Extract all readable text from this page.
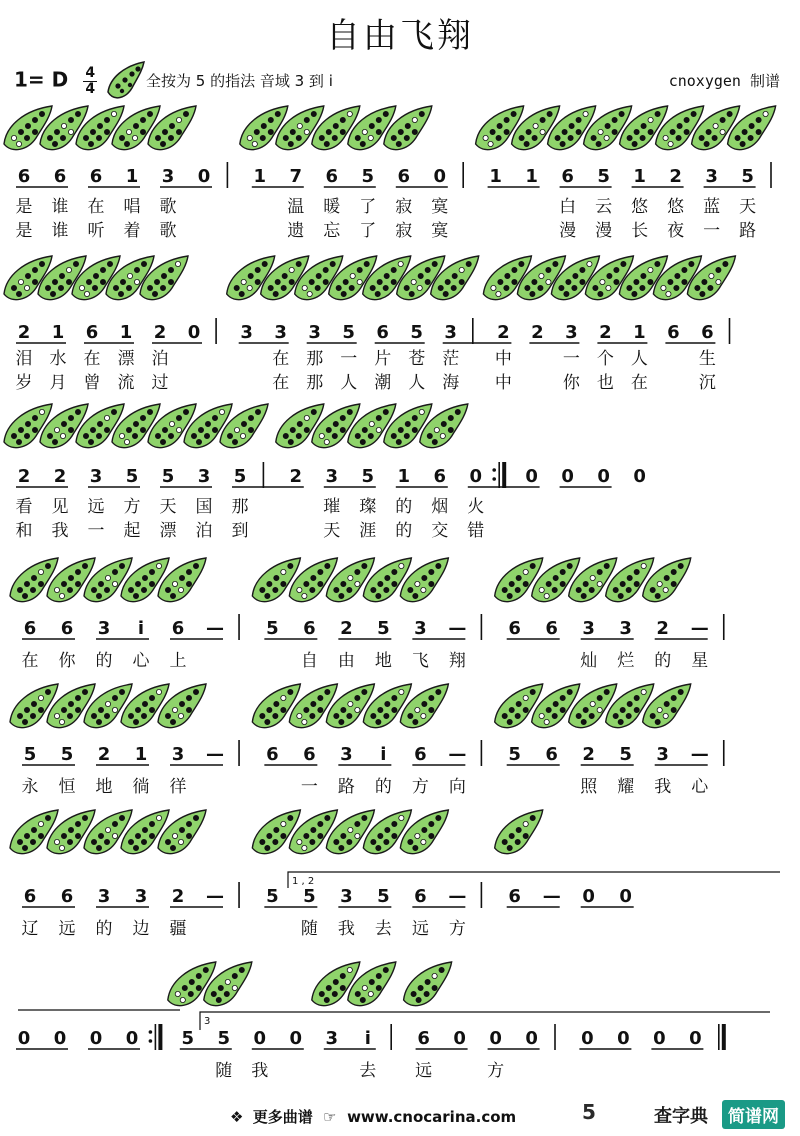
自由飞翔
1= D $\frac{4}{4}$	全按为 5 的指法 音域 3 到 i	cnoxygen 制谱
6 6 6 1 3 0 1 7 6 5 6 0 1 1 6 5 1 2 3 5
是 谁 在 唱 歌	温 暖 了 寂 寞	白 云 悠 悠 蓝 天
是 谁 听 着 歌	遗 忘 了 寂 寞	漫 漫 长 夜 一 路
2 1 6 1 2 0 3 3 3 5 6 5 3 2 2 3 2 1 6 6
泪 水 在 漂 泊	在 那 一 片 苍 茫 中	一 个 人	生
岁 月 曾 流 过	在 那 人 潮 人 海 中	你 也 在	沉
2 2 3 5 5 3 5 2 3 5 1 6 0 0 0 0 0
看 见 远 方 天 国 那	璀 璨 的 烟 火
和 我 一 起 漂 泊 到	天 涯 的 交 错
6 6 3 i 6 — 5 6 2 5 3 — 6 6 3 3 2 —
在 你 的 心 上	自 由 地 飞 翔	灿 烂 的 星
5 5 2 1 3 — 6 6 3 i 6 — 5 6 2 5 3 —
永 恒 地 徜 徉	一 路 的 方 向	照 耀 我 心
6 6 3 3 2 — 5 5 3 5 6 — 6 — 0 0
辽 远 的 边 疆	随 我 去 远 方
0 0 0 0 5 5 0 0 3 i	6 0 0 0 0 0 0 0
随 我	去 远	方
1 , 2
3
❖ 更多曲谱  ☞  www.cnocarina.com	5	查字典	简谱网
